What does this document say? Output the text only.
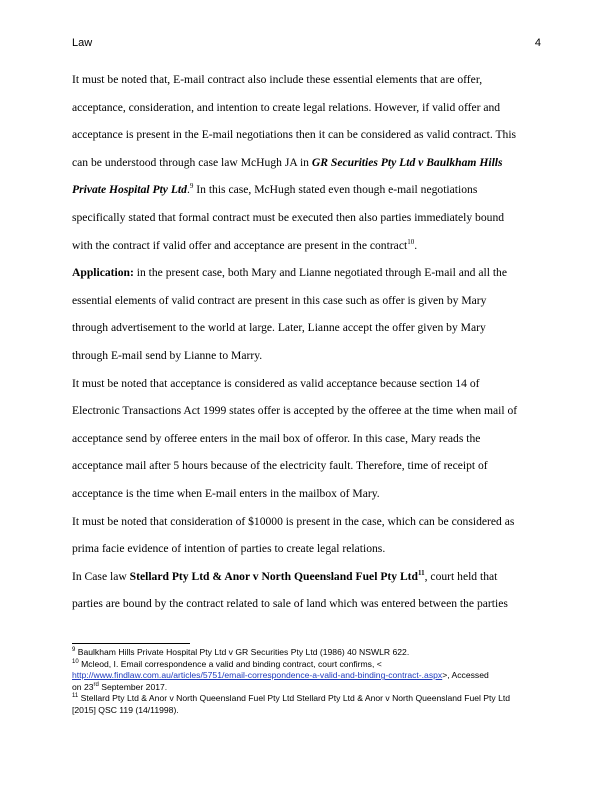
Law	4

It must be noted that, E-mail contract also include these essential elements that are offer,

acceptance, consideration, and intention to create legal relations. However, if valid offer and

acceptance is present in the E-mail negotiations then it can be considered as valid contract. This

can be understood through case law McHugh JA in GR Securities Pty Ltd v Baulkham Hills

Private Hospital Pty Ltd.$^9$ In this case, McHugh stated even though e-mail negotiations

specifically stated that formal contract must be executed then also parties immediately bound

with the contract if valid offer and acceptance are present in the contract$^{10}$.

Application: in the present case, both Mary and Lianne negotiated through E-mail and all the

essential elements of valid contract are present in this case such as offer is given by Mary

through advertisement to the world at large. Later, Lianne accept the offer given by Mary

through E-mail send by Lianne to Marry.

It must be noted that acceptance is considered as valid acceptance because section 14 of

Electronic Transactions Act 1999 states offer is accepted by the offeree at the time when mail of

acceptance send by offeree enters in the mail box of offeror. In this case, Mary reads the

acceptance mail after 5 hours because of the electricity fault. Therefore, time of receipt of

acceptance is the time when E-mail enters in the mailbox of Mary.

It must be noted that consideration of $10000 is present in the case, which can be considered as

prima facie evidence of intention of parties to create legal relations.

In Case law Stellard Pty Ltd & Anor v North Queensland Fuel Pty Ltd$^{11}$, court held that

parties are bound by the contract related to sale of land which was entered between the parties

$^9$ Baulkham Hills Private Hospital Pty Ltd v GR Securities Pty Ltd (1986) 40 NSWLR 622.
$^{10}$ Mcleod, I. Email correspondence a valid and binding contract, court confirms, <
http://www.findlaw.com.au/articles/5751/email-correspondence-a-valid-and-binding-contract-.aspx>, Accessed
on 23rd September 2017.
$^{11}$ Stellard Pty Ltd & Anor v North Queensland Fuel Pty Ltd Stellard Pty Ltd & Anor v North Queensland Fuel Pty Ltd
[2015] QSC 119 (14/11998).
